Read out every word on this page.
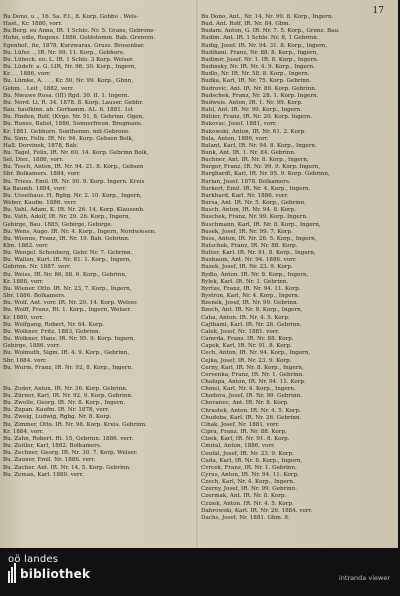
17
Bu Dono, u ., 16. Sa. F.I., 8. Korp. Gobbo . Wels-
Hast., Kr. 1880, vorr.
Bu.Berg. eu Anna, IR. 1 Schlo. Nr. 5. Grans, Gebrone-
Hohn, edle, Regens. 1886. Goldstemm. Bab. Grenrzn.
Egenhof., fie, 1878, Kurzwaras. Gruss. Brosenbar.
Bu. Lüfer. ., IR. Nr. 99, 11. Korp., Gebhore.
Bu. Lübeck. eu. L. IR. 1 Schlo. 3 Korp. Welser.
Bu. Lüdefr. a. G. LIR, Nr. 98, 30. Korp., Ingern,
Kr. . , 1886, vorr.
Bu. Lümke, A. . . . Kr. 50, Nr. 99. Korp., Gbnn,
Gehm. . Leit , 1882, verr.
Bu. Nieuwe Rosa. (III) Rgd. 30. II. 1. Ingern.
Bu. Nord. Li. R. 34. 1878. 8. Korp. Lauser. Gebbr.
Bau. haufkinn. ab. Gerbamm. AL. 6. 1881. 1st
Bu. Pinden, Rolf, (Kvgo. Nr. 51, 8, Gebrinn. Ogen,
Bu. Runes, Bahel, 1886, Sonnerfreun. Bregmans.
Kr. 1881. Gebhorn. Sonthemm. mit-Gebrone.
Bu. Sinn, Felix. IR. Nr. 94. Korp. Gebsen Bolk,
Hall. Dorvinek, 1878, Bab.
Bu. Tagel, Felix, IR. Nr. 60. 14. Korp. Gebrinn Bolk,
Sel. Dier., 1886, vorr.
Bu. Tesch, Anton, IR. Nr. 94. 21. 8. Korp., Gebsen
Sbr. Bolkamers. 1884, vorr.
Bu. Triess. Emil. IR. Nr. 90. 9. Korp. Ingern. Kreis
Ka Baumb. 1884, vorr.
Bu. Usselhaus. H. Rgbg. Nr. 2. 10. Korp., Ingern,
Weber, Kaufm. 1886. verr.
Bu. Vahl, Adam, K. IR. Nr. 26. 14. Korp. Klausenb.
Bu. Vath, Adolf, IR. Nr. 29. 26. Korp., Ingern,
Gebirge, Bau. 1885, Gebirge, Gebirge.
Bu. Wens, Augo. IR. Nr. 4. Korp., Ingern, Nordwiesen.
Bu. Wienne, Franz, IR. Nr. 19. Bab. Gebrinn.
Kbn. 1882. verr.
Bu. Wengel. Schonberg, Gebr. Nr. 7. Gebrinn.
Bu. Wallen, Kurt. IR. Nr. 81. 1. Korp., Ingern,
Gebrinn. Nr. 1887. verr.
Bu. Weiss, IR. Nr. 86, 88. 6. Korp., Gebrinn,
Kr. 1888, vorr.
Bu. Wiener. Otto. IR. Nr. 23, 7. Korp., Ingern,
Sbr. 1886. Bolkamers.
Bu. Wolf. Ant. vorr. IR. Nr. 20. 14. Korp. Welser.
Bu. Wolff, Franz, Rt. 1. Korp., Ingern, Welser.
Kr. 1880, vorr.
Bu. Wolfgang, Robert, Nr. 64. Korp.
Bu. Wolkner, Fritz, 1883, Gebrinn.
Bu. Wolkner, Hans, IR. Nr. 95. 9. Korp. Ingern,
Gebirge, 1886. vorr.
Bu. Wolmuth, Sigm. IR. 4. 9. Korp., Gebrinn,
Sbr. 1884. vorr.
Bu. Wurm, Franz, IR. Nr. 92, 8. Korp., Ingern.
Bu. Zoder, Anton, IR. Nr. 36. Korp. Gebrinn.
Bu. Zürner, Karl, IR. Nr. 92. 9. Korp. Gebrinn.
Bu. Zwolle, Georg. IR. Nr. 8. Korp., Ingern.
Bu. Zupan. Kaufm. IR. Nr. 1878, verr.
Bu. Zweig, Ludwig, Rgbg. Nr. 8. Korp.
Bu. Zimmer, Otto. IR. Nr. 98. Korp. Kreis. Gebrinn.
Kr. 1884, vorr.
Bu. Zahn, Robert. Rt. 15, Gebrinn. 1886. verr.
Bu. Zeitler, Karl, 1882. Bolkamers.
Bu. Zechner, Georg. IR. Nr. 30. 7. Korp. Welser.
Bu. Zauner, Emil. Nr. 1886. verr.
Bu. Zacher. Ant. IR. Nr. 14, 5. Korp. Gebrinn.
Bu. Zeman, Karl. 1880. verr.
Bu Dono, Ant., Nr. 14, Nr. 99. 8. Korp., Ingern.
Bud. Ant. Rolf, IR. Nr. 84. Gbm.
Budam. Anton, G. IR. Nr. 7. 5. Korp., Grenz. Bau.
Budim. Ant. IR. 1 Schlo. Nr. 8, 1 Gebrinn.
Budig, Josef. IR. Nr. 94. 31. 8. Korp., Ingern,
Budihani. Franz, Nr. 88. 8. Korp., Ingern,
Budimir, Josef. Nr. 1. IR. 8. Korp., Ingern.
Budinsky, Nr. IR. Nr. 4. 9. Korp., Ingern.
Budlo, Nr. IR. Nr. 58. 8. Korp., Ingern.
Budka, Karl, IR. Nr. 75. Korp. Gebrinn.
Budrovic, Ant. IR. Nr. 80. Korp. Gebrinn.
Budschek, Franz, Nr. 28. 1. Korp. Ingern.
Budweis. Anton, IR. 1. Nr. 99. Korp.
Buhl, Ant. IR. Nr. 99. Korp., Ingern.
Bühler, Franz, IR. Nr. 20. Korp. Ingern.
Bukovac, Josef, 1881, vorr.
Bukowski, Anton, IR. Nr. 61. 2. Korp.
Bula, Anton, 1886, vorr.
Bulant, Karl, IR. Nr. 94. 8. Korp., Ingern.
Bunk, Ant. IR. 1. Nr. 84. Gebrinn.
Buchner, Ant. IR. Nr. 8. Korp., Ingern,
Burger, Franz, IR. Nr. 99. 9. Korp. Ingern,
Burghardt, Karl, IR. Nr. 95. 9. Korp. Gebrinn,
Burian, Josef. 1878. Bolkamers.
Burkert, Emil. IR. Nr. 4. Korp., Ingern.
Burkhard, Karl. Nr. 1886. vorr.
Bursa, Ant. IR. Nr. 5. Korp., Gebrinn.
Busch, Anton, IR. Nr. 94. 8. Korp.
Buschek, Franz, Nr. 99. Korp. Ingern.
Buschmann, Karl, IR. Nr. 8. Korp., Ingern,
Busek, Josef, IR. Nr. 99. 7. Korp.
Buss, Anton, IR. Nr. 26. 5. Korp., Ingern,
Butschek, Franz, IR. Nr. 88. Korp.
Butter, Karl. IR. Nr. 91. 8. Korp., Ingern,
Buxbaum, Ant. Nr. 94. 1886. vorr.
Buzek, Josef, IR. Nr. 23. 9. Korp.
Bydlo, Anton. IR. Nr. 8. Korp., Ingern,
Bylek, Karl. IR. Nr. 1. Gebrinn.
Byrtus, Franz, IR. Nr. 94. 11. Korp.
Bystron, Karl, Nr. 4. Korp., Ingern.
Bzenek, Josef, IR. Nr. 99. Gebrinn.
Bzoch, Ant. IR. Nr. 8. Korp., Ingern,
Caha, Anton. IR. Nr. 4. 5. Korp.
Cajthaml, Karl. IR. Nr. 26. Gebrinn.
Calek, Josef, Nr. 1881. vorr.
Camrda, Franz. IR. Nr. 88. Korp.
Capek, Karl, IR. Nr. 91. 8. Korp.
Cech, Anton, IR. Nr. 94. Korp., Ingern,
Cejka, Josef, IR. Nr. 23. 9. Korp.
Cerny, Karl, IR. Nr. 8. Korp., Ingern,
Cervenka, Franz, IR. Nr. 1. Gebrinn.
Chalupa, Anton, IR. Nr. 94. 11. Korp.
Chmel, Karl, Nr. 4. Korp., Ingern.
Chodora, Josef, IR. Nr. 99. Gebrinn.
Chovanec, Ant. IR. Nr. 8. Korp.
Chrastek, Anton. IR. Nr. 4. 5. Korp.
Chudoba, Karl. IR. Nr. 26. Gebrinn.
Cihak, Josef, Nr. 1881. vorr.
Cipra, Franz. IR. Nr. 88. Korp.
Cizek, Karl, IR. Nr. 91. 8. Korp.
Cmiral, Anton, 1886, vorr.
Coufal, Josef, IR. Nr. 23. 9. Korp.
Cuda, Karl, IR. Nr. 8. Korp., Ingern,
Cvrcek, Franz, IR. Nr. 1. Gebrinn.
Cyrus, Anton, IR. Nr. 94. 11. Korp.
Czech, Karl, Nr. 4. Korp., Ingern.
Czerny, Josef, IR. Nr. 99. Gebrinn.
Czermak, Ant. IR. Nr. 8. Korp.
Czizek, Anton. IR. Nr. 4. 5. Korp.
Dabrowski, Karl. IR. Nr. 26. 1884. vorr.
Dachs, Josef, Nr. 1881. Gbm. 8.
oö landes
bibliothek	intranda viewer
